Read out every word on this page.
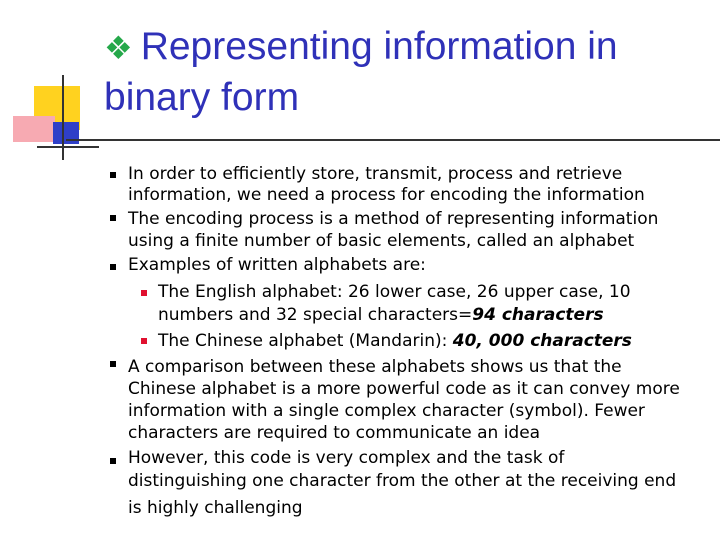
❖ Representing information in
binary form

In order to efficiently store, transmit, process and retrieve

information, we need a process for encoding the information

The encoding process is a method of representing information

using a finite number of basic elements, called an alphabet

Examples of written alphabets are:

The English alphabet: 26 lower case, 26 upper case, 10

numbers and 32 special characters=94 characters

The Chinese alphabet (Mandarin): 40, 000 characters

A comparison between these alphabets shows us that the

Chinese alphabet is a more powerful code as it can convey more

information with a single complex character (symbol). Fewer

characters are required to communicate an idea

However, this code is very complex and the task of

distinguishing one character from the other at the receiving end

is highly challenging
